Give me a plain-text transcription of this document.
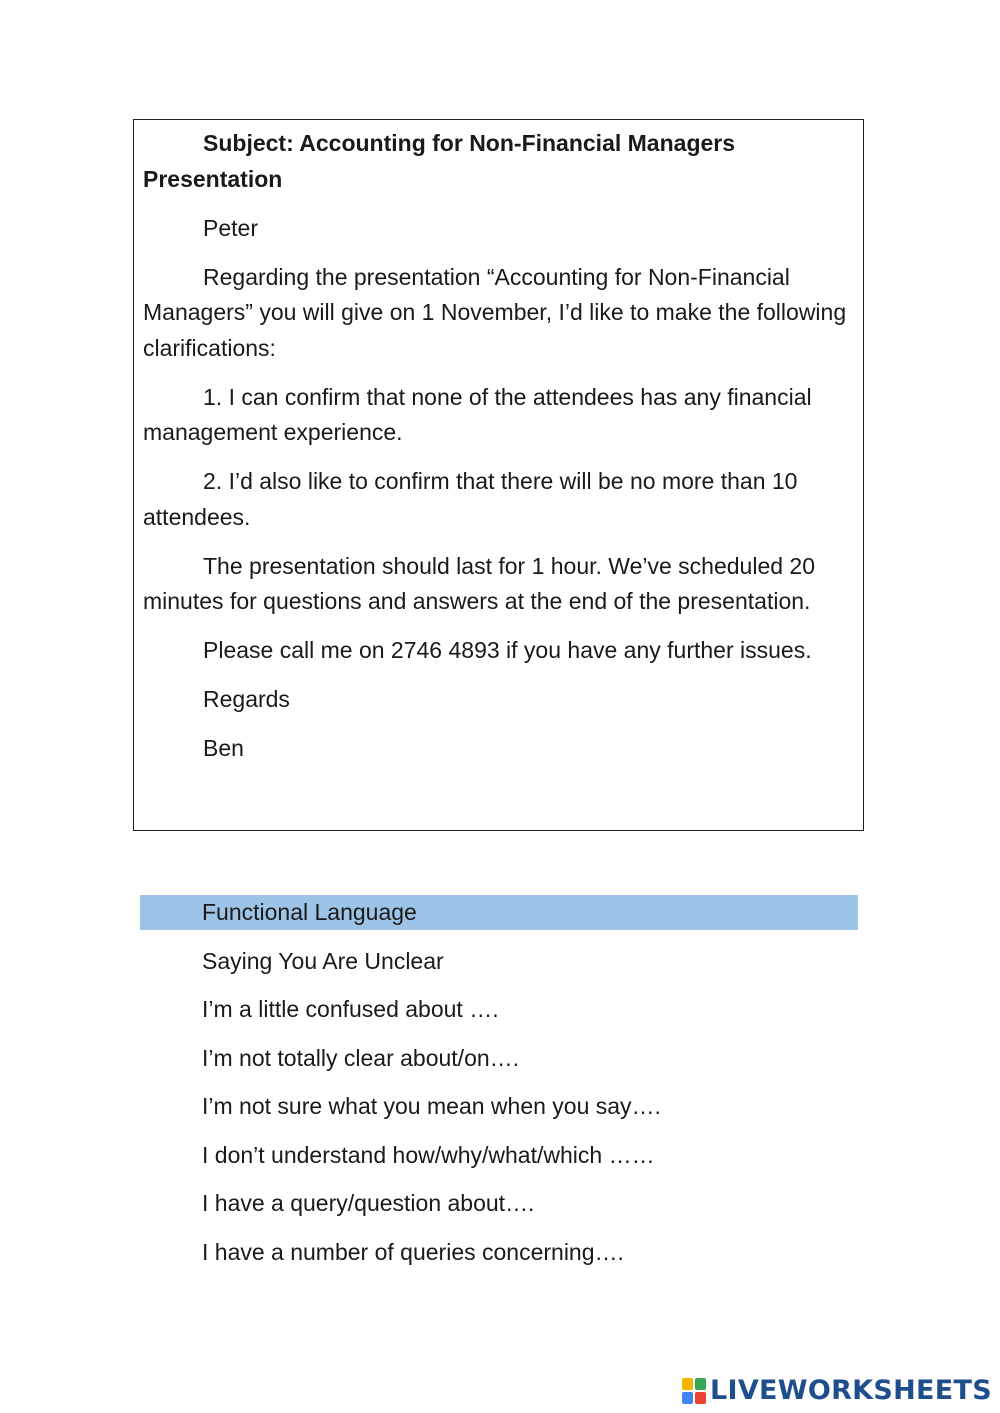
Subject: Accounting for Non-Financial Managers Presentation

Peter

Regarding the presentation “Accounting for Non-Financial Managers” you will give on 1 November, I’d like to make the following clarifications:

1. I can confirm that none of the attendees has any financial management experience.

2. I’d also like to confirm that there will be no more than 10 attendees.

The presentation should last for 1 hour. We’ve scheduled 20 minutes for questions and answers at the end of the presentation.

Please call me on 2746 4893 if you have any further issues.

Regards

Ben

Functional Language

Saying You Are Unclear

I’m a little confused about ….

I’m not totally clear about/on….

I’m not sure what you mean when you say….

I don’t understand how/why/what/which ……

I have a query/question about….

I have a number of queries concerning….

LIVEWORKSHEETS
